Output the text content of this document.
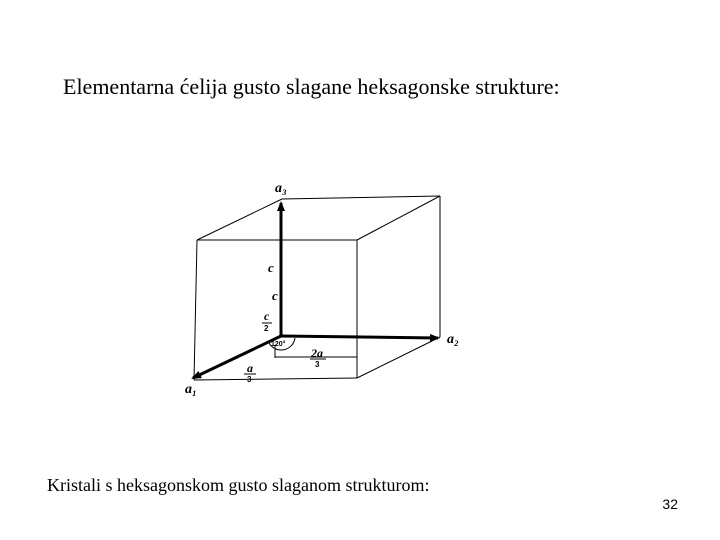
Elementarna ćelija gusto slagane heksagonske strukture:
a₃
a₂
a₁
c
c
c
2
120°
2a
3
a
3
Kristali s heksagonskom gusto slaganom strukturom:
32
